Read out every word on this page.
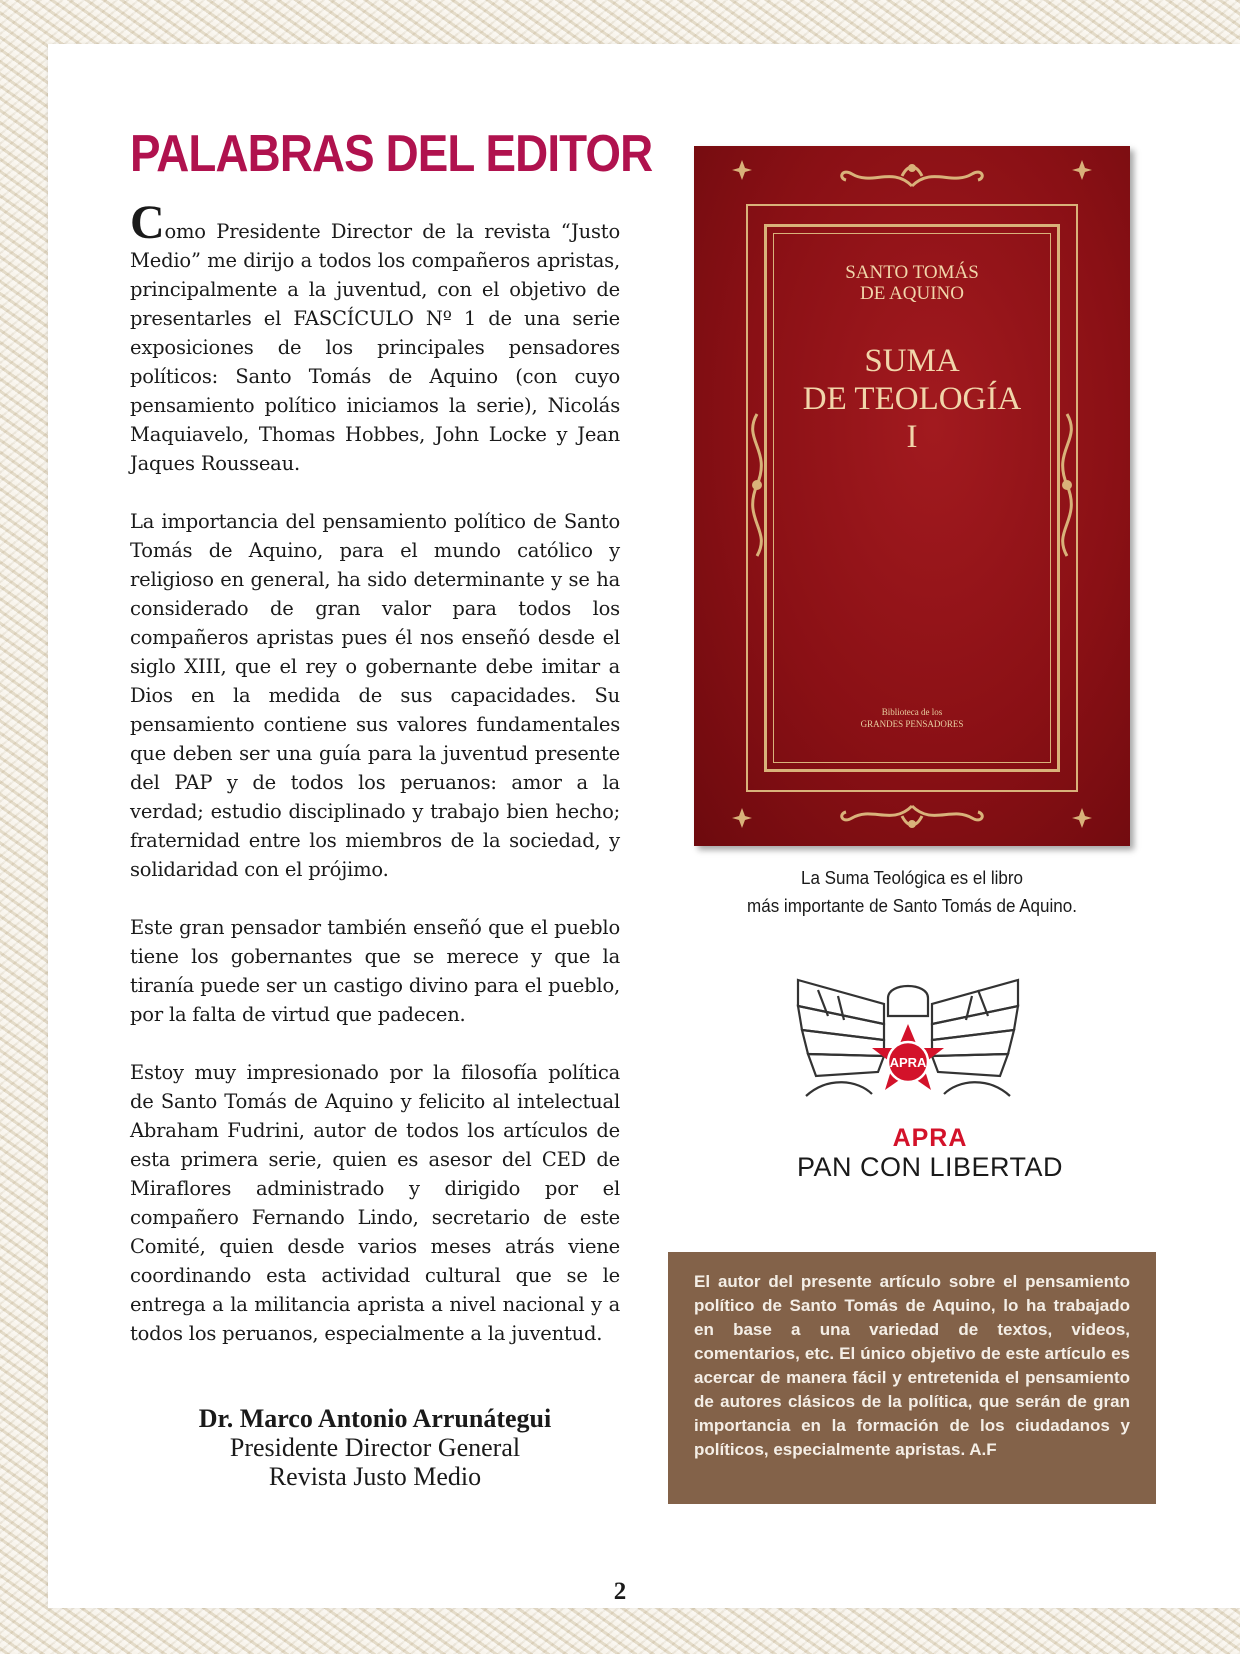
PALABRAS DEL EDITOR

Como Presidente Director de la revista “Justo Medio” me dirijo a todos los compañeros apristas, principalmente a la juventud, con el objetivo de presentarles el FASCÍCULO Nº 1 de una serie exposiciones de los principales pensadores políticos: Santo Tomás de Aquino (con cuyo pensamiento político iniciamos la serie), Nicolás Maquiavelo, Thomas Hobbes, John Locke y Jean Jaques Rousseau.

La importancia del pensamiento político de Santo Tomás de Aquino, para el mundo católico y religioso en general, ha sido determinante y se ha considerado de gran valor para todos los compañeros apristas pues él nos enseñó desde el siglo XIII, que el rey o gobernante debe imitar a Dios en la medida de sus capacidades. Su pensamiento contiene sus valores fundamentales que deben ser una guía para la juventud presente del PAP y de todos los peruanos: amor a la verdad; estudio disciplinado y trabajo bien hecho; fraternidad entre los miembros de la sociedad, y solidaridad con el prójimo.

Este gran pensador también enseñó que el pueblo tiene los gobernantes que se merece y que la tiranía puede ser un castigo divino para el pueblo, por la falta de virtud que padecen.

Estoy muy impresionado por la filosofía política de Santo Tomás de Aquino y felicito al intelectual Abraham Fudrini, autor de todos los artículos de esta primera serie, quien es asesor del CED de Miraflores administrado y dirigido por el compañero Fernando Lindo, secretario de este Comité, quien desde varios meses atrás viene coordinando esta actividad cultural que se le entrega a la militancia aprista a nivel nacional y a todos los peruanos, especialmente a la juventud.

Dr. Marco Antonio Arrunátegui
Presidente Director General
Revista Justo Medio
SANTO TOMÁS
DE AQUINO
SUMA
DE TEOLOGÍA
I
Biblioteca de los
GRANDES PENSADORES
La Suma Teológica es el libro
más importante de Santo Tomás de Aquino.
APRA
APRA
PAN CON LIBERTAD

El autor del presente artículo sobre el pensamiento político de Santo Tomás de Aquino, lo ha trabajado en base a una variedad de textos, videos, comentarios, etc. El único objetivo de este artículo es acercar de manera fácil y entretenida el pensamiento de autores clásicos de la política, que serán de gran importancia en la formación de los ciudadanos y políticos, especialmente apristas. A.F

2
